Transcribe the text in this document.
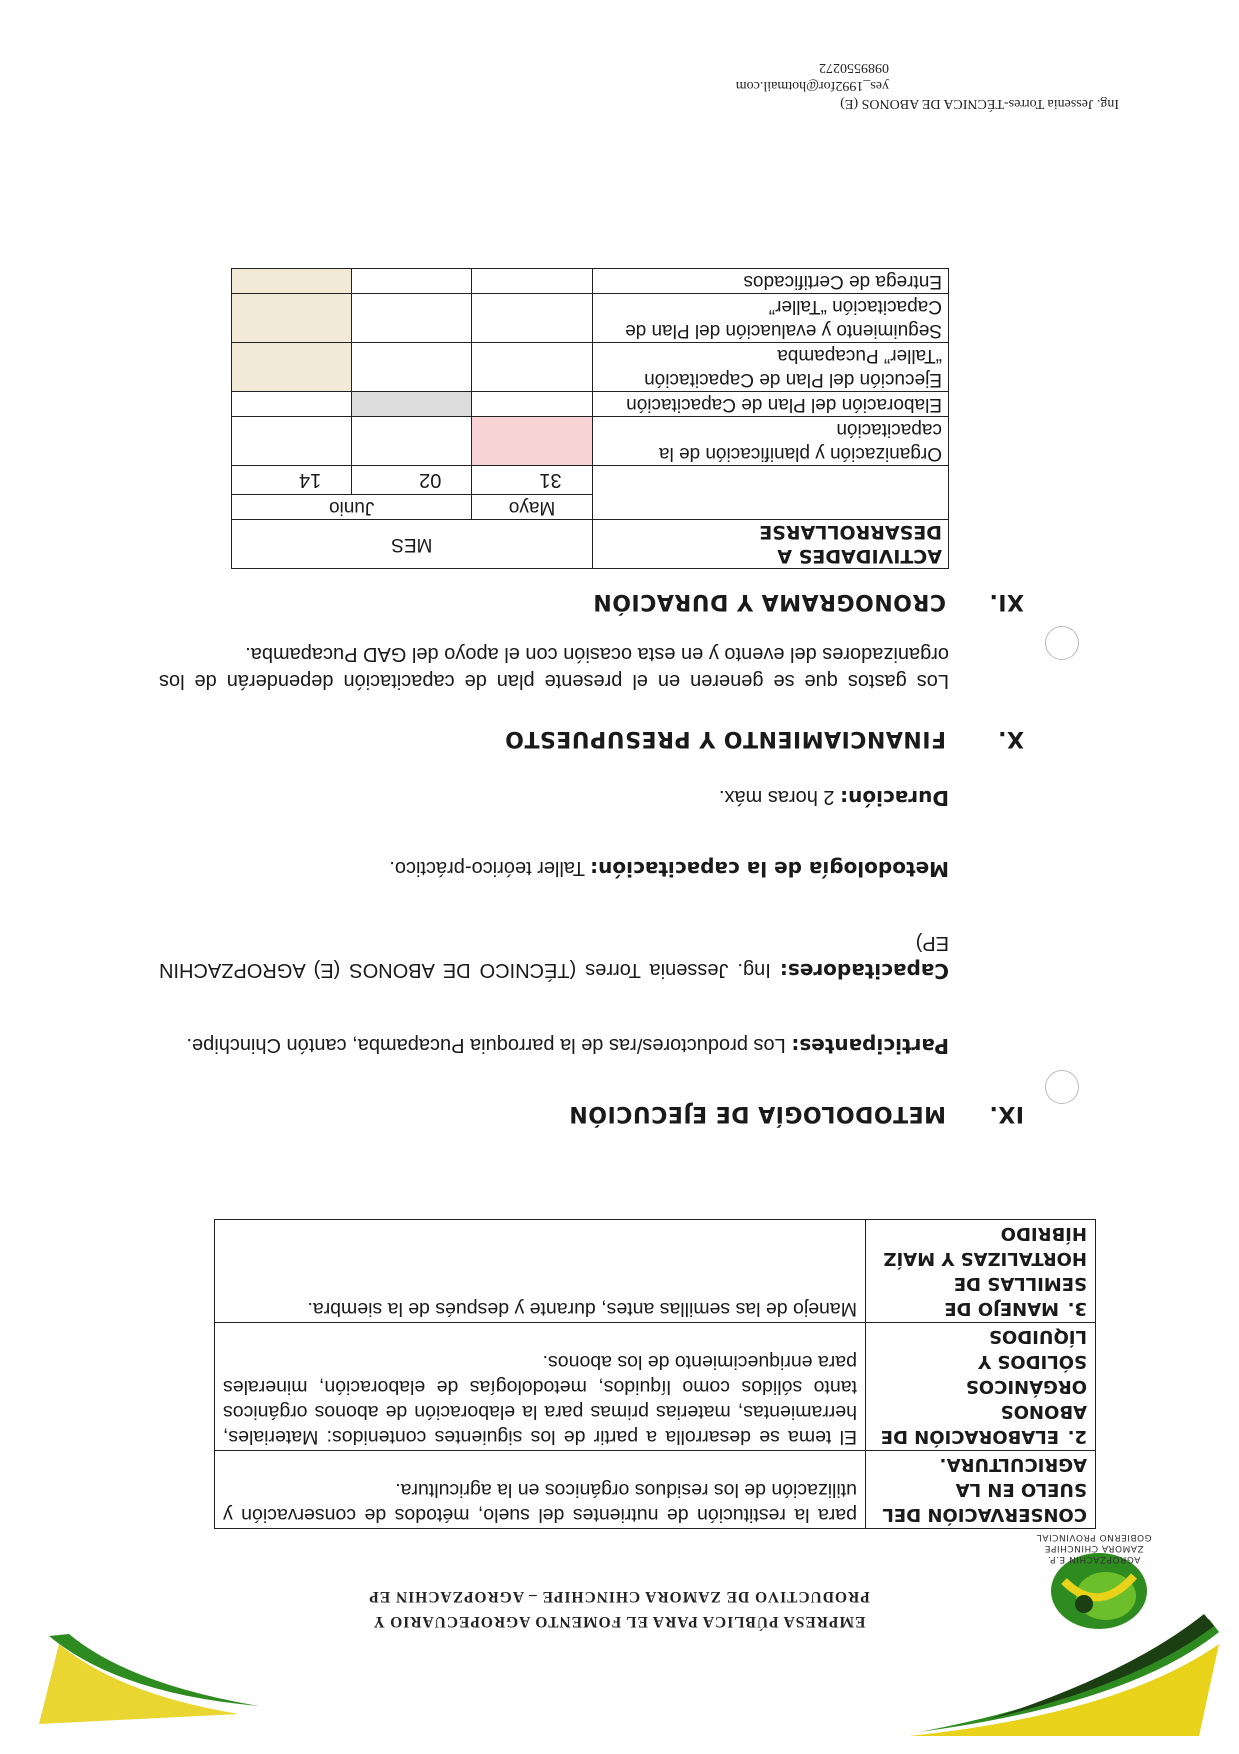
AGROPZACHIN E.P.
ZAMORA CHINCHIPE
GOBIERNO PROVINCIAL
EMPRESA PÚBLICA PARA EL FOMENTO AGROPECUARIO Y
PRODUCTIVO DE ZAMORA CHINCHIPE – AGROPZACHIN EP
CONSERVACIÓN DEL SUELO EN LA AGRICULTURA.	para la restitución de nutrientes del suelo, métodos de conservación y utilización de los residuos orgánicos en la agricultura.
2.ELABORACIÓN DE ABONOS ORGÁNICOS SÓLIDOS Y LÍQUIDOS	El tema se desarrolla a partir de los siguientes contenidos: Materiales, herramientas, materias primas para la elaboración de abonos orgánicos tanto sólidos como líquidos, metodologías de elaboración, minerales para enriquecimiento de los abonos.
3.MANEJO DE SEMILLAS DE HORTALIZAS Y MAÍZ HÍBRIDO	Manejo de las semillas antes, durante y después de la siembra.
IX.METODOLOGÍA DE EJECUCIÓN
Participantes: Los productores/ras de la parroquia Pucapamba, cantón Chinchipe.
Capacitadores: Ing. Jessenia Torres (TÉCNICO DE ABONOS (E) AGROPZACHIN EP)
Metodología de la capacitación: Taller teórico-práctico.
Duración: 2 horas máx.
X.FINANCIAMIENTO Y PRESUPUESTO
Los gastos que se generen en el presente plan de capacitación dependerán de los organizadores del evento y en esta ocasión con el apoyo del GAD Pucapamba.
XI.CRONOGRAMA Y DURACIÓN
ACTIVIDADES A DESARROLLARSE	MES		
	Mayo	Junio	
	31	02	14
Organización y planificación de la capacitación			
Elaboración del Plan de Capacitación			
Ejecución del Plan de Capacitación “Taller” Pucapamba			
Seguimiento y evaluación del Plan de Capacitación “Taller”			
Entrega de Certificados			
Ing. Jessenia Torres-TÉCNICA DE ABONOS (E)
yes_1992for@hotmail.com
0989550272
